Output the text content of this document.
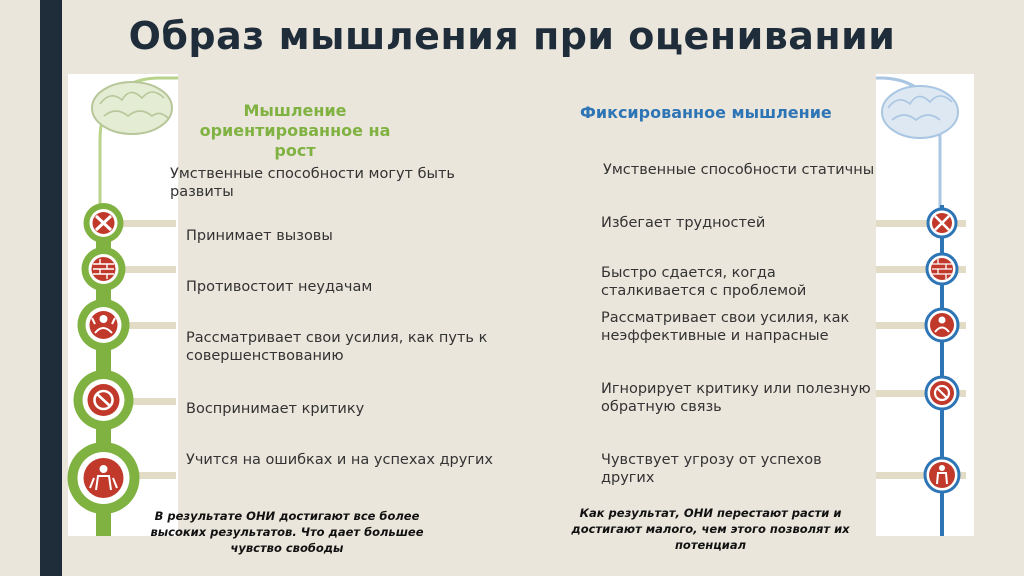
Образ мышления при оценивании
Мышление ориентированное на рост
Умственные способности могут быть развиты
Принимает вызовы
Противостоит неудачам
Рассматривает свои усилия, как путь к совершенствованию
Воспринимает критику
Учится на ошибках и на успехах других
В результате ОНИ достигают все более высоких результатов. Что дает большее чувство свободы
Фиксированное мышление
Умственные способности статичны
Избегает трудностей
Быстро сдается, когда сталкивается с проблемой
Рассматривает свои усилия, как неэффективные и напрасные
Игнорирует критику или полезную обратную связь
Чувствует угрозу от успехов других
Как результат, ОНИ перестают расти и достигают малого, чем этого позволят их потенциал
